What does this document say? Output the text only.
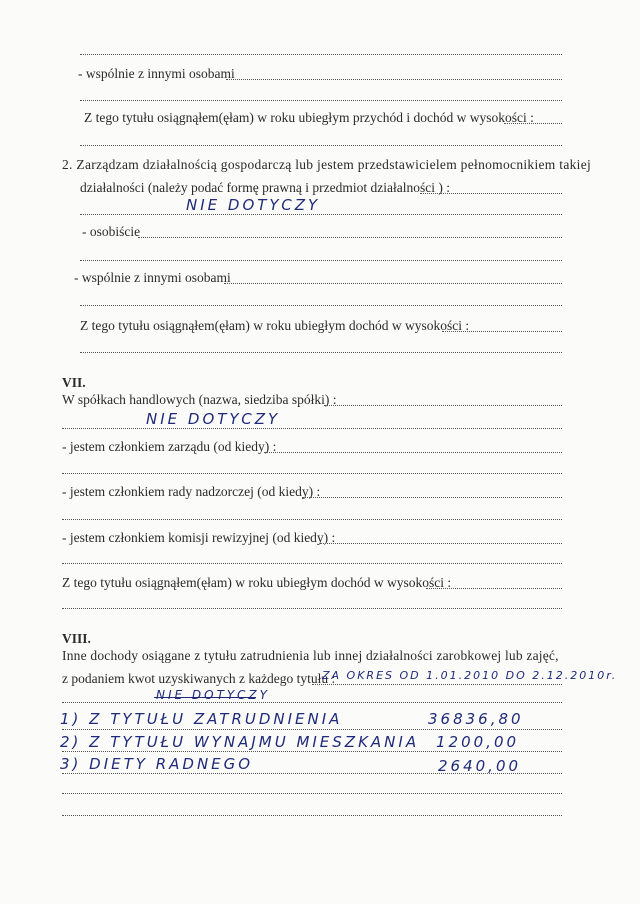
- wspólnie z innymi osobami
Z tego tytułu osiągnąłem(ęłam) w roku ubiegłym przychód i dochód w wysokości :
2. Zarządzam działalnością gospodarczą lub jestem przedstawicielem pełnomocnikiem takiej
działalności (należy podać formę prawną i przedmiot działalności ) :
NIE DOTYCZY
- osobiście
- wspólnie z innymi osobami
Z tego tytułu osiągnąłem(ęłam) w roku ubiegłym dochód w wysokości :
VII.
W spółkach handlowych (nazwa, siedziba spółki) :
NIE DOTYCZY
- jestem członkiem zarządu (od kiedy) :
- jestem członkiem rady nadzorczej (od kiedy) :
- jestem członkiem komisji rewizyjnej (od kiedy) :
Z tego tytułu osiągnąłem(ęłam) w roku ubiegłym dochód w wysokości :
VIII.
Inne dochody osiągane z tytułu zatrudnienia lub innej działalności zarobkowej lub zajęć,
z podaniem kwot uzyskiwanych z każdego tytułu :
ZA OKRES OD 1.01.2010 DO 2.12.2010r.
NIE DOTYCZY
1) Z TYTUŁU ZATRUDNIENIA	36836,80
2) Z TYTUŁU WYNAJMU MIESZKANIA 1200,00
3) DIETY RADNEGO	2640,00
